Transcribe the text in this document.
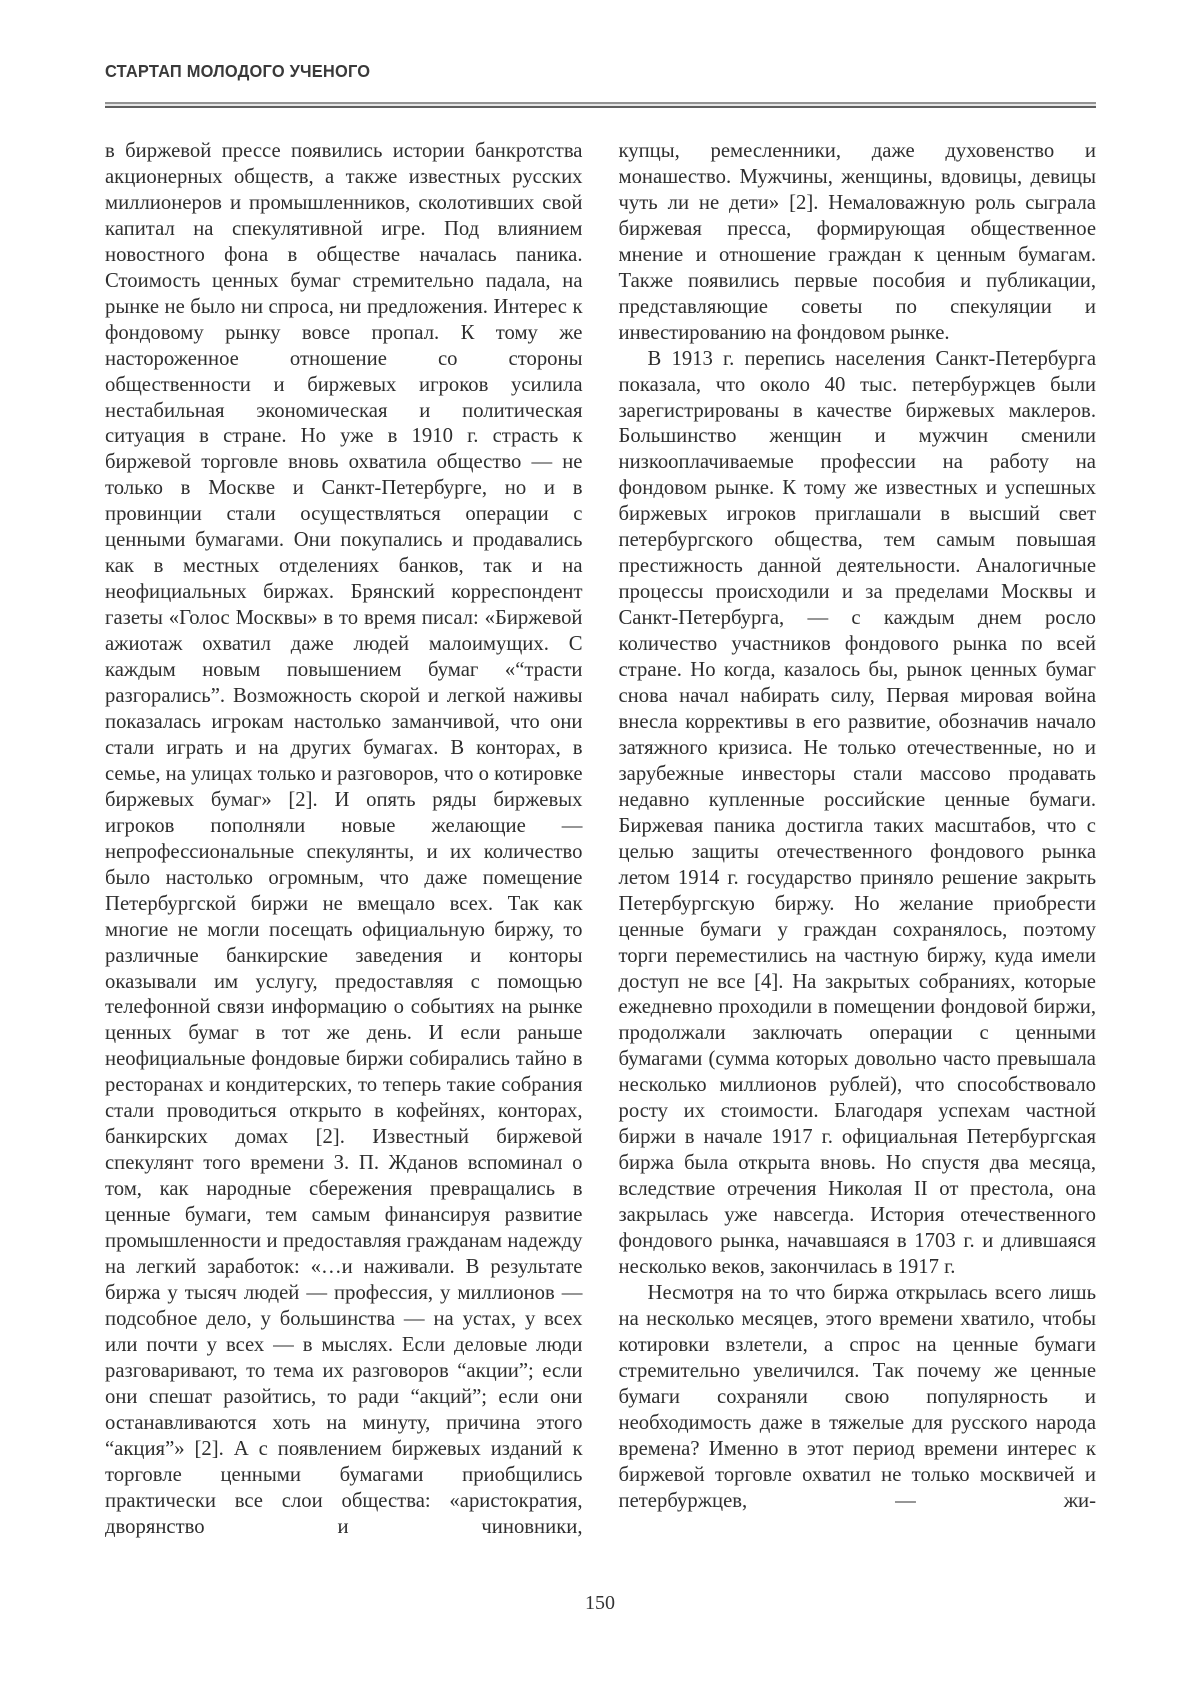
СТАРТАП МОЛОДОГО УЧЕНОГО

в биржевой прессе появились истории банкротства акционерных обществ, а также известных русских миллионеров и промышленников, сколотивших свой капитал на спекулятивной игре. Под влиянием новостного фона в обществе началась паника. Стоимость ценных бумаг стремительно падала, на рынке не было ни спроса, ни предложения. Интерес к фондовому рынку вовсе пропал. К тому же настороженное отношение со стороны общественности и биржевых игроков усилила нестабильная экономическая и политическая ситуация в стране. Но уже в 1910 г. страсть к биржевой торговле вновь охватила общество — не только в Москве и Санкт-Петербурге, но и в провинции стали осуществляться операции с ценными бумагами. Они покупались и продавались как в местных отделениях банков, так и на неофициальных биржах. Брянский корреспондент газеты «Голос Москвы» в то время писал: «Биржевой ажиотаж охватил даже людей малоимущих. С каждым новым повышением бумаг «“трасти разгорались”. Возможность скорой и легкой наживы показалась игрокам настолько заманчивой, что они стали играть и на других бумагах. В конторах, в семье, на улицах только и разговоров, что о котировке биржевых бумаг» [2]. И опять ряды биржевых игроков пополняли новые желающие — непрофессиональные спекулянты, и их количество было настолько огромным, что даже помещение Петербургской биржи не вмещало всех. Так как многие не могли посещать официальную биржу, то различные банкирские заведения и конторы оказывали им услугу, предоставляя с помощью телефонной связи информацию о событиях на рынке ценных бумаг в тот же день. И если раньше неофициальные фондовые биржи собирались тайно в ресторанах и кондитерских, то теперь такие собрания стали проводиться открыто в кофейнях, конторах, банкирских домах [2]. Известный биржевой спекулянт того времени З. П. Жданов вспоминал о том, как народные сбережения превращались в ценные бумаги, тем самым финансируя развитие промышленности и предоставляя гражданам надежду на легкий заработок: «…и наживали. В результате биржа у тысяч людей — профессия, у миллионов — подсобное дело, у большинства — на устах, у всех или почти у всех — в мыслях. Если деловые люди разговаривают, то тема их разговоров “акции”; если они спешат разойтись, то ради “акций”; если они останавливаются хоть на минуту, причина этого “акция”» [2]. А с появлением биржевых изданий к торговле ценными бумагами приобщились практически все слои общества: «аристократия, дворянство и чиновники,

купцы, ремесленники, даже духовенство и монашество. Мужчины, женщины, вдовицы, девицы чуть ли не дети» [2]. Немаловажную роль сыграла биржевая пресса, формирующая общественное мнение и отношение граждан к ценным бумагам. Также появились первые пособия и публикации, представляющие советы по спекуляции и инвестированию на фондовом рынке.

В 1913 г. перепись населения Санкт-Петербурга показала, что около 40 тыс. петербуржцев были зарегистрированы в качестве биржевых маклеров. Большинство женщин и мужчин сменили низкооплачиваемые профессии на работу на фондовом рынке. К тому же известных и успешных биржевых игроков приглашали в высший свет петербургского общества, тем самым повышая престижность данной деятельности. Аналогичные процессы происходили и за пределами Москвы и Санкт-Петербурга, — с каждым днем росло количество участников фондового рынка по всей стране. Но когда, казалось бы, рынок ценных бумаг снова начал набирать силу, Первая мировая война внесла коррективы в его развитие, обозначив начало затяжного кризиса. Не только отечественные, но и зарубежные инвесторы стали массово продавать недавно купленные российские ценные бумаги. Биржевая паника достигла таких масштабов, что с целью защиты отечественного фондового рынка летом 1914 г. государство приняло решение закрыть Петербургскую биржу. Но желание приобрести ценные бумаги у граждан сохранялось, поэтому торги переместились на частную биржу, куда имели доступ не все [4]. На закрытых собраниях, которые ежедневно проходили в помещении фондовой биржи, продолжали заключать операции с ценными бумагами (сумма которых довольно часто превышала несколько миллионов рублей), что способствовало росту их стоимости. Благодаря успехам частной биржи в начале 1917 г. официальная Петербургская биржа была открыта вновь. Но спустя два месяца, вследствие отречения Николая II от престола, она закрылась уже навсегда. История отечественного фондового рынка, начавшаяся в 1703 г. и длившаяся несколько веков, закончилась в 1917 г.

Несмотря на то что биржа открылась всего лишь на несколько месяцев, этого времени хватило, чтобы котировки взлетели, а спрос на ценные бумаги стремительно увеличился. Так почему же ценные бумаги сохраняли свою популярность и необходимость даже в тяжелые для русского народа времена? Именно в этот период времени интерес к биржевой торговле охватил не только москвичей и петербуржцев, — жи-

150
